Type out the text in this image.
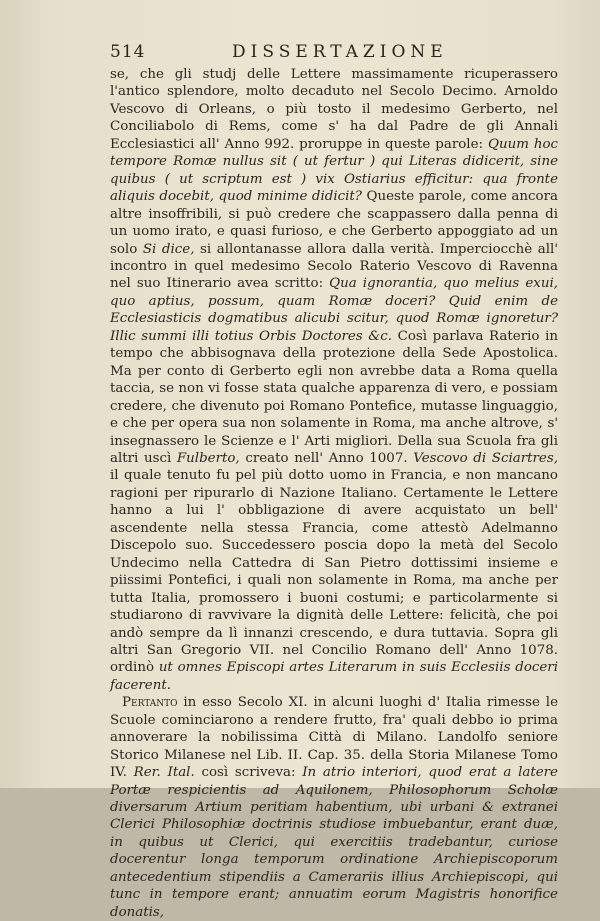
514	DISSERTAZIONE

se, che gli studj delle Lettere massimamente ricuperassero l'antico splendore, molto decaduto nel Secolo Decimo. Arnoldo Vescovo di Orleans, o più tosto il medesimo Gerberto, nel Conciliabolo di Rems, come s' ha dal Padre de gli Annali Ecclesiastici all' Anno 992. proruppe in queste parole: Quum hoc tempore Romæ nullus sit ( ut fertur ) qui Literas didicerit, sine quibus ( ut scriptum est ) vix Ostiarius efficitur: qua fronte aliquis docebit, quod minime didicit? Queste parole, come ancora altre insoffribili, si può credere che scappassero dalla penna di un uomo irato, e quasi furioso, e che Gerberto appoggiato ad un solo Si dice, si allontanasse allora dalla verità. Imperciocchè all' incontro in quel medesimo Secolo Raterio Vescovo di Ravenna nel suo Itinerario avea scritto: Qua ignorantia, quo melius exui, quo aptius, possum, quam Romæ doceri? Quid enim de Ecclesiasticis dogmatibus alicubi scitur, quod Romæ ignoretur? Illic summi illi totius Orbis Doctores &c. Così parlava Raterio in tempo che abbisognava della protezione della Sede Apostolica. Ma per conto di Gerberto egli non avrebbe data a Roma quella taccia, se non vi fosse stata qualche apparenza di vero, e possiam credere, che divenuto poi Romano Pontefice, mutasse linguaggio, e che per opera sua non solamente in Roma, ma anche altrove, s' insegnassero le Scienze e l' Arti migliori. Della sua Scuola fra gli altri uscì Fulberto, creato nell' Anno 1007. Vescovo di Sciartres, il quale tenuto fu pel più dotto uomo in Francia, e non mancano ragioni per ripurarlo di Nazione Italiano. Certamente le Lettere hanno a lui l' obbligazione di avere acquistato un bell' ascendente nella stessa Francia, come attestò Adelmanno Discepolo suo. Succedessero poscia dopo la metà del Secolo Undecimo nella Cattedra di San Pietro dottissimi insieme e piissimi Pontefici, i quali non solamente in Roma, ma anche per tutta Italia, promossero i buoni costumi; e particolarmente si studiarono di ravvivare la dignità delle Lettere: felicità, che poi andò sempre da lì innanzi crescendo, e dura tuttavia. Sopra gli altri San Gregorio VII. nel Concilio Romano dell' Anno 1078. ordinò ut omnes Episcopi artes Literarum in suis Ecclesiis doceri facerent.

Pertanto in esso Secolo XI. in alcuni luoghi d' Italia rimesse le Scuole cominciarono a rendere frutto, fra' quali debbo io prima annoverare la nobilissima Città di Milano. Landolfo seniore Storico Milanese nel Lib. II. Cap. 35. della Storia Milanese Tomo IV. Rer. Ital. così scriveva: In atrio interiori, quod erat a latere Portæ respicientis ad Aquilonem, Philosophorum Scholæ diversarum Artium peritiam habentium, ubi urbani & extranei Clerici Philosophiæ doctrinis studiose imbuebantur, erant duæ, in quibus ut Clerici, qui exercitiis tradebantur, curiose docerentur longa temporum ordinatione Archiepiscoporum antecedentium stipendiis a Camerariis illius Archiepiscopi, qui tunc in tempore erant; annuatim eorum Magistris honorifice donatis,
